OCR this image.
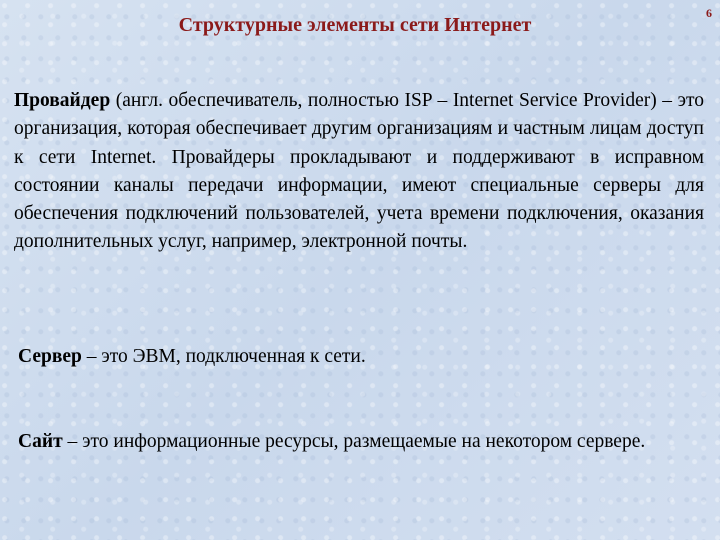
Структурные элементы сети Интернет
6
Провайдер (англ. обеспечиватель, полностью ISP – Internet Service Provider) – это организация, которая обеспечивает другим организациям и частным лицам доступ к сети Internet. Провайдеры прокладывают и поддерживают в исправном состоянии каналы передачи информации, имеют специальные серверы для обеспечения подключений пользователей, учета времени подключения, оказания дополнительных услуг, например, электронной почты.
Сервер – это ЭВМ, подключенная к сети.
Сайт – это информационные ресурсы, размещаемые на некотором сервере.
